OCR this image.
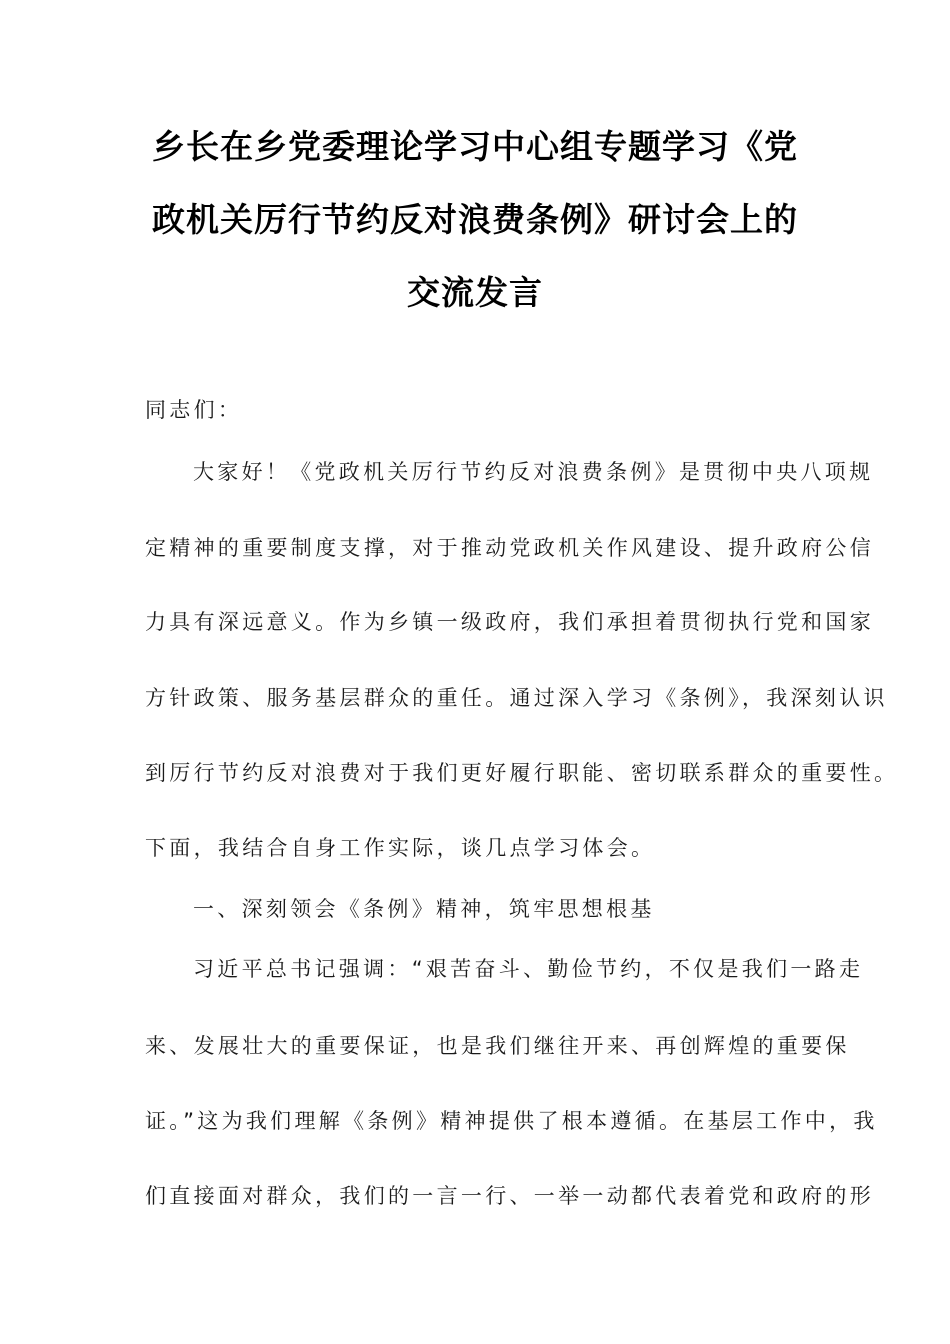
乡长在乡党委理论学习中心组专题学习《党
政机关厉行节约反对浪费条例》研讨会上的
交流发言
同志们：
大家好！《党政机关厉行节约反对浪费条例》是贯彻中央八项规
定精神的重要制度支撑，对于推动党政机关作风建设、提升政府公信
力具有深远意义。作为乡镇一级政府，我们承担着贯彻执行党和国家
方针政策、服务基层群众的重任。通过深入学习《条例》，我深刻认识
到厉行节约反对浪费对于我们更好履行职能、密切联系群众的重要性。
下面，我结合自身工作实际，谈几点学习体会。
一、深刻领会《条例》精神，筑牢思想根基
习近平总书记强调：“艰苦奋斗、勤俭节约，不仅是我们一路走
来、发展壮大的重要保证，也是我们继往开来、再创辉煌的重要保
证。”这为我们理解《条例》精神提供了根本遵循。在基层工作中，我
们直接面对群众，我们的一言一行、一举一动都代表着党和政府的形
